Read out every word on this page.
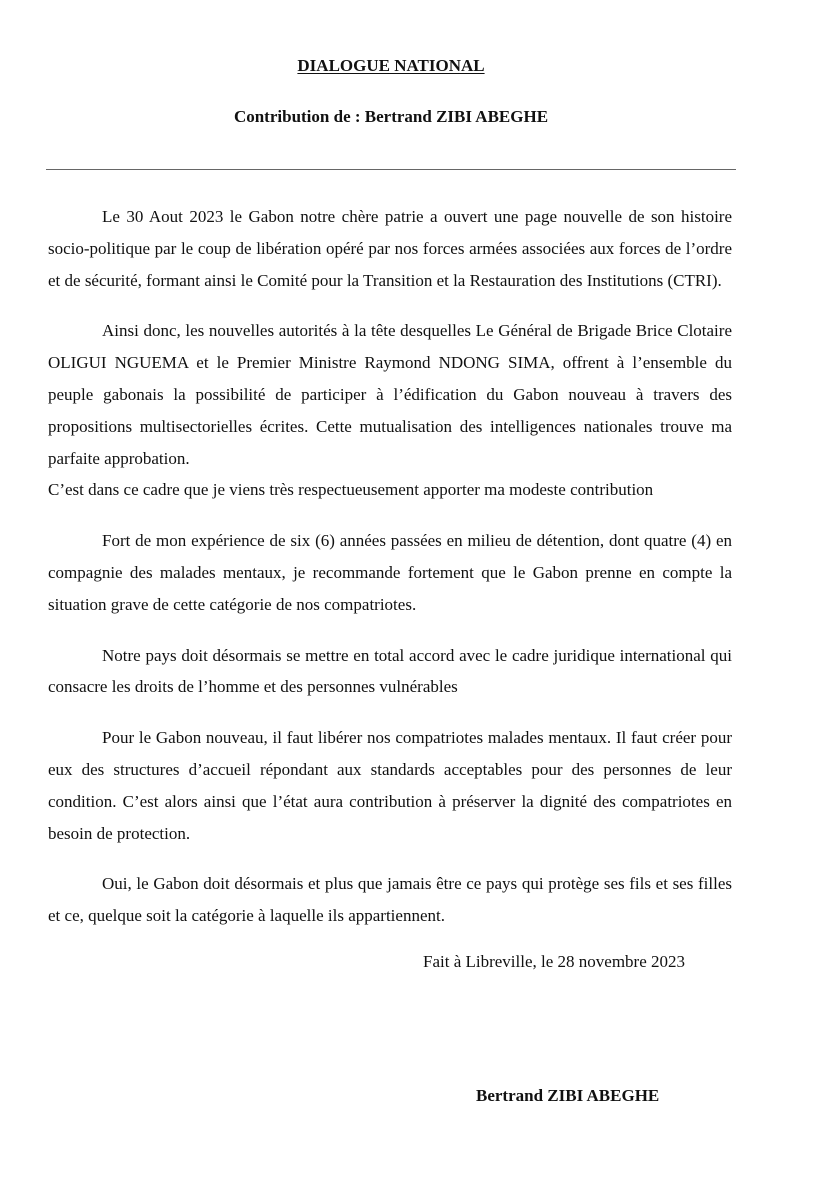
DIALOGUE NATIONAL
Contribution de : Bertrand ZIBI ABEGHE

Le 30 Aout 2023 le Gabon notre chère patrie a ouvert une page nouvelle de son histoire socio-politique par le coup de libération opéré par nos forces armées associées aux forces de l’ordre et de sécurité, formant ainsi le Comité pour la Transition et la Restauration des Institutions (CTRI).

Ainsi donc, les nouvelles autorités à la tête desquelles Le Général de Brigade Brice Clotaire OLIGUI NGUEMA et le Premier Ministre Raymond NDONG SIMA, offrent à l’ensemble du peuple gabonais la possibilité de participer à l’édification du Gabon nouveau à travers des propositions multisectorielles écrites. Cette mutualisation des intelligences nationales trouve ma parfaite approbation.

C’est dans ce cadre que je viens très respectueusement apporter ma modeste contribution

Fort de mon expérience de six (6) années passées en milieu de détention, dont quatre (4) en compagnie des malades mentaux, je recommande fortement que le Gabon prenne en compte la situation grave de cette catégorie de nos compatriotes.

Notre pays doit désormais se mettre en total accord avec le cadre juridique international qui consacre les droits de l’homme et des personnes vulnérables

Pour le Gabon nouveau, il faut libérer nos compatriotes malades mentaux. Il faut créer pour eux des structures d’accueil répondant aux standards acceptables pour des personnes de leur condition. C’est alors ainsi que l’état aura contribution à préserver la dignité des compatriotes en besoin de protection.

Oui, le Gabon doit désormais et plus que jamais être ce pays qui protège ses fils et ses filles et ce, quelque soit la catégorie à laquelle ils appartiennent.

Fait à Libreville, le 28 novembre 2023
Bertrand ZIBI ABEGHE
